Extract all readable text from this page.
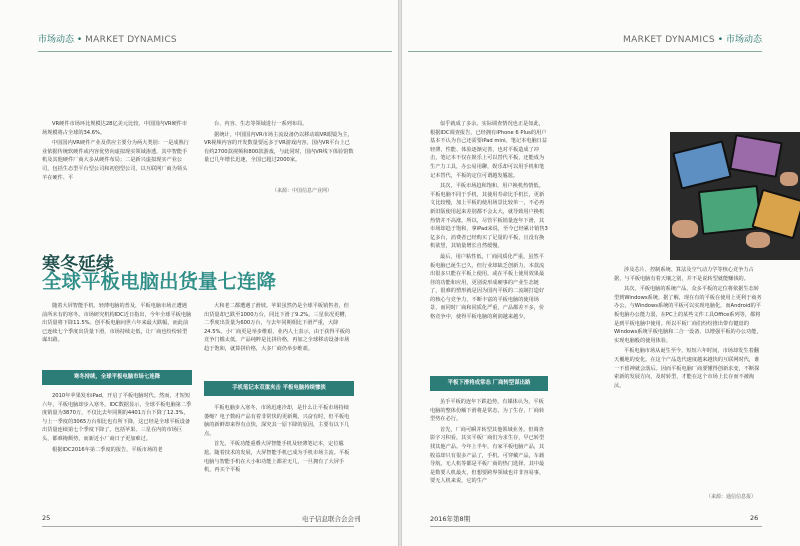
市场动态 • MARKET DYNAMICS

VR硬件市场环比规模达28亿美元比较，中国国内VR硬件市场规模将占全球的34.6%。

中国国内VR硬件产业及供应主要分为两大类别：一是成熟行业依据传统软硬件或内容优势向虚拟现实领域渗透，其中智能手机及其他硬件厂商大多从硬件布局；二是新兴虚拟现实产业公司，包括生态型平台型公司和初创型公司，以互联网厂商为领头羊在硬件、平

台、内容、生态等领域进行一系列布局。

据统计，中国国内VR市场主流设备仍以移动端VR眼镜为主，VR视频内容的开发数量要远多于VR游戏内容。国内VR平台上已有约2700款视频和800款游戏，与此同时，国内VR线下体验馆数量已几年增长迅速，全国已超过2000家。

（来源：中国信息产业网）
寒冬延续
全球平板电脑出货量七连降

随着大屏智能手机、轻薄电脑的普及，平板电脑市场正遭遇前所未有的寒冬。市场研究机构IDC近日指出，今年全球平板电脑出货量将下降11.5%。创平板电脑问世六年来最大跌幅，而此前已连续七个季度出货量下滑，市场持续走低，让厂商也纷纷转型谋出路。

寒冬持续，全球平板电脑市场七连降

2010年苹果发布iPad，开启了平板电脑时代。然而，才短短六年，平板电脑却步入寒冬。IDC数据显示，全球平板电脑第二季度销量为3870万，不仅比去年同期的4401万台下降了12.3%，与上一季度的3065万台相比也有所下降，这已经是全球平板设备出货量连续第七个季度下降了。包括苹果、三星在内的市场巨头，都难掩颓势，而新近小厂商日子更加难过。

根据IDC2016年第二季度的报告，平板市场的老

大和老二都遭遇了滑坡。苹果虽然仍是全球平板销售者，但出货量却已跌至1000万台，同比下滑了9.2%。三星状况更糟，二季度出货量为600万台，与去年同期相比下滑严重，大降24.5%。小厂商更是举步维艰，业内人士表示，由于获得平板的竞争门槛太低，产品纯粹是比拼价格，再加之全球移动设备市场趋于饱和，就算拼价格，大多厂商仍举步维艰。

手机笔记本双重夹击 平板电脑持续惨淡

平板电脑步入寒冬，市场迅速冷却，是什么让平板市场持续萎缩？电子数码产品有着非常快的更新期。兴奋有时，但平板电脑的新鲜却来得有点快，深究其一原下降的原因，主要有以下几点。

首先，平板功能重叠大屏智能手机及轻薄笔记本，定位尴尬。随着技术的发展，大屏智能手机已成为手机市场主流。平板电脑与智能手机在大小和功能上都差无几，一旦拥有了大屏手机，再买个平板

25	电子信息联合会会刊
MARKET DYNAMICS • 市场动态

似乎就成了多余。实际调查情况也正是如此，根据IDC调查报告，已经拥有iPhone 6 Plus的用户基本不认为自己还需要iPad mini。笔记本电脑日益轻薄，性能、体验逐渐完善，也对平板造成了冲击，笔记本不仅在娱乐上可以替代平板，还能成为生产力工具，办公易用聊，娱乐却可以用手机和笔记本替代，平板的定位可谓越发尴尬。

其次，平板市场趋和饱和，用户换机热情低。平板电脑不同于手机，其使用寿命比手机长，更新文比较慢，加上平板的使用场景比较单一，不必再新旧版使用起来差别都不会太大，就导致用户换机热情并不高涨。所以，尽管平板销量连年下滑，其市场却趋于饱和，拿iPad来说，至今已经累计销售3亿多台，消费者已经购买了足量的平板，且没有换机欲望，其销量增长自然缓慢。

最后，用户粘性低，厂商同质化严重。虽然平板电脑已诞生已久，但行业却缺乏创新力，本款流出很多只能在平板上使用，或在平板上使用效果最佳的功能和应用，更别说形成硬事的产业生态链了，很难的塑形就是因为国内平板的二流制打造好的核心与竞争力，不断丰富的平板电脑的使用场景，而同时厂商和同质化严重，产品都差不多，价格竞争中，使得平板电脑的利润越来越少。

平板下滑将成常态 厂商转型谋出路

虽手平板的连年下跌趋势，有媒体认为，平板电脑的整体份额下滑将是常态，为了生存，厂商转型势在必行。

首先，厂商可瞬并转型其他领域业务。但调查影字习积看，其实平板厂商们为求生存，早已转型找其他产品。今年上半年，有家平板电脑产品，其收益却只有很多产品了，手机、可穿戴产品，车载导航，无人机等都是平板厂商的热门选择，其中最是数要人机最火，但想要跨界领域也并非容易事，要无人机来说，它的生产

涉及芯片、控制系统、算法及空气动力学等核心竞争力占据，与平板电脑有着天壤之别，并不是说转型就能赚钱的。

其次，平板电脑的系统产品，众多平板的定位将依据生态转型到Windows系统。据了解，现在有的平板在使用上更利于商务办公，与Windows系统的平板可以实现电脑化，而Android的平板电脑办公能力弱，在PC上的某些文件工具Office系列等，都将是到平板电脑中使用。所以平板厂商们纷纷推出带有键盘的Windows系统平板电脑和二合一设备，以增强平板的办公功能，实现电脑般的使用体验。

平板电脑市场从诞生至今，短短六年时间，市场却发生着翻天覆地的变化。在这个产品迭代速度越来越快的互联网时代，谁一不留神就会落后。因而平板电脑厂商要懂得创新求变，不断探索新的发展方向，及时转型，才能在这个市场上长存而不被淘汰。

（来源：通信信息报）
2016年第8期	26
